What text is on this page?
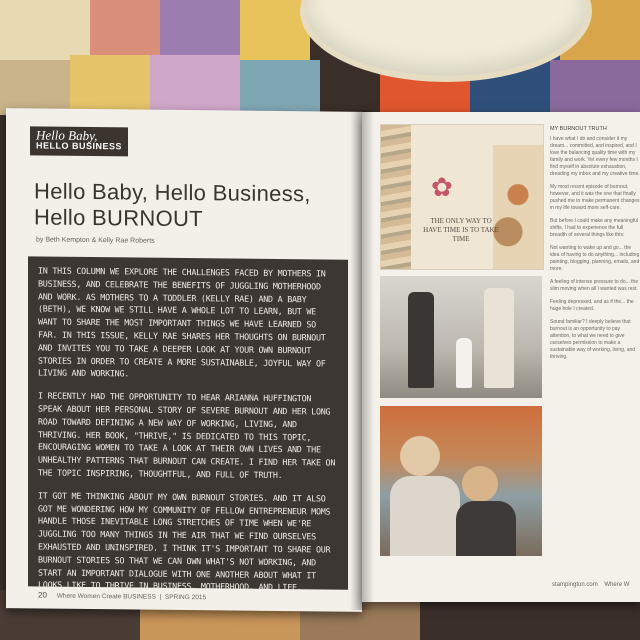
Hello Baby,
HELLO BUSINESS
Hello Baby, Hello Business, Hello BURNOUT
by Beth Kempton & Kelly Rae Roberts

IN THIS COLUMN WE EXPLORE THE CHALLENGES FACED BY MOTHERS IN BUSINESS, AND CELEBRATE THE BENEFITS OF JUGGLING MOTHERHOOD AND WORK. AS MOTHERS TO A TODDLER (KELLY RAE) AND A BABY (BETH), WE KNOW WE STILL HAVE A WHOLE LOT TO LEARN, BUT WE WANT TO SHARE THE MOST IMPORTANT THINGS WE HAVE LEARNED SO FAR. IN THIS ISSUE, KELLY RAE SHARES HER THOUGHTS ON BURNOUT AND INVITES YOU TO TAKE A DEEPER LOOK AT YOUR OWN BURNOUT STORIES IN ORDER TO CREATE A MORE SUSTAINABLE, JOYFUL WAY OF LIVING AND WORKING.

I RECENTLY HAD THE OPPORTUNITY TO HEAR ARIANNA HUFFINGTON SPEAK ABOUT HER PERSONAL STORY OF SEVERE BURNOUT AND HER LONG ROAD TOWARD DEFINING A NEW WAY OF WORKING, LIVING, AND THRIVING. HER BOOK, "THRIVE," IS DEDICATED TO THIS TOPIC, ENCOURAGING WOMEN TO TAKE A LOOK AT THEIR OWN LIVES AND THE UNHEALTHY PATTERNS THAT BURNOUT CAN CREATE. I FIND HER TAKE ON THE TOPIC INSPIRING, THOUGHTFUL, AND FULL OF TRUTH.

IT GOT ME THINKING ABOUT MY OWN BURNOUT STORIES. AND IT ALSO GOT ME WONDERING HOW MY COMMUNITY OF FELLOW ENTREPRENEUR MOMS HANDLE THOSE INEVITABLE LONG STRETCHES OF TIME WHEN WE'RE JUGGLING TOO MANY THINGS IN THE AIR THAT WE FIND OURSELVES EXHAUSTED AND UNINSPIRED. I THINK IT'S IMPORTANT TO SHARE OUR BURNOUT STORIES SO THAT WE CAN OWN WHAT'S NOT WORKING, AND START AN IMPORTANT DIALOGUE WITH ONE ANOTHER ABOUT WHAT IT LOOKS LIKE TO THRIVE IN BUSINESS, MOTHERHOOD, AND LIFE.

20 Where Women Create BUSINESS  |  SPRING 2015
✿
THE ONLY WAY TO HAVE TIME IS TO TAKE TIME
MY BURNOUT TRUTH

I have what I do and consider it my dream... committed, and inspired, and I love the balancing quality time with my family and work. Yet every few months I find myself in absolute exhaustion, dreading my inbox and my creative time.

My most recent episode of burnout, however, and it was the one that finally pushed me to make permanent changes in my life toward more self-care.

But before I could make any meaningful shifts, I had to experience the full breadth of several things like this:

Not wanting to wake up and go... the idea of having to do anything... including painting, blogging, planning, emails, and more.

A feeling of intense pressure to do... the slim moving when all I wanted was rest.

Feeling depressed, and as if the... the huge hole I created.

Sound familiar? I deeply believe that burnout is an opportunity to pay attention, to what we need to give ourselves permission to make a sustainable way of working, living, and thriving.

stampington.com Where W
